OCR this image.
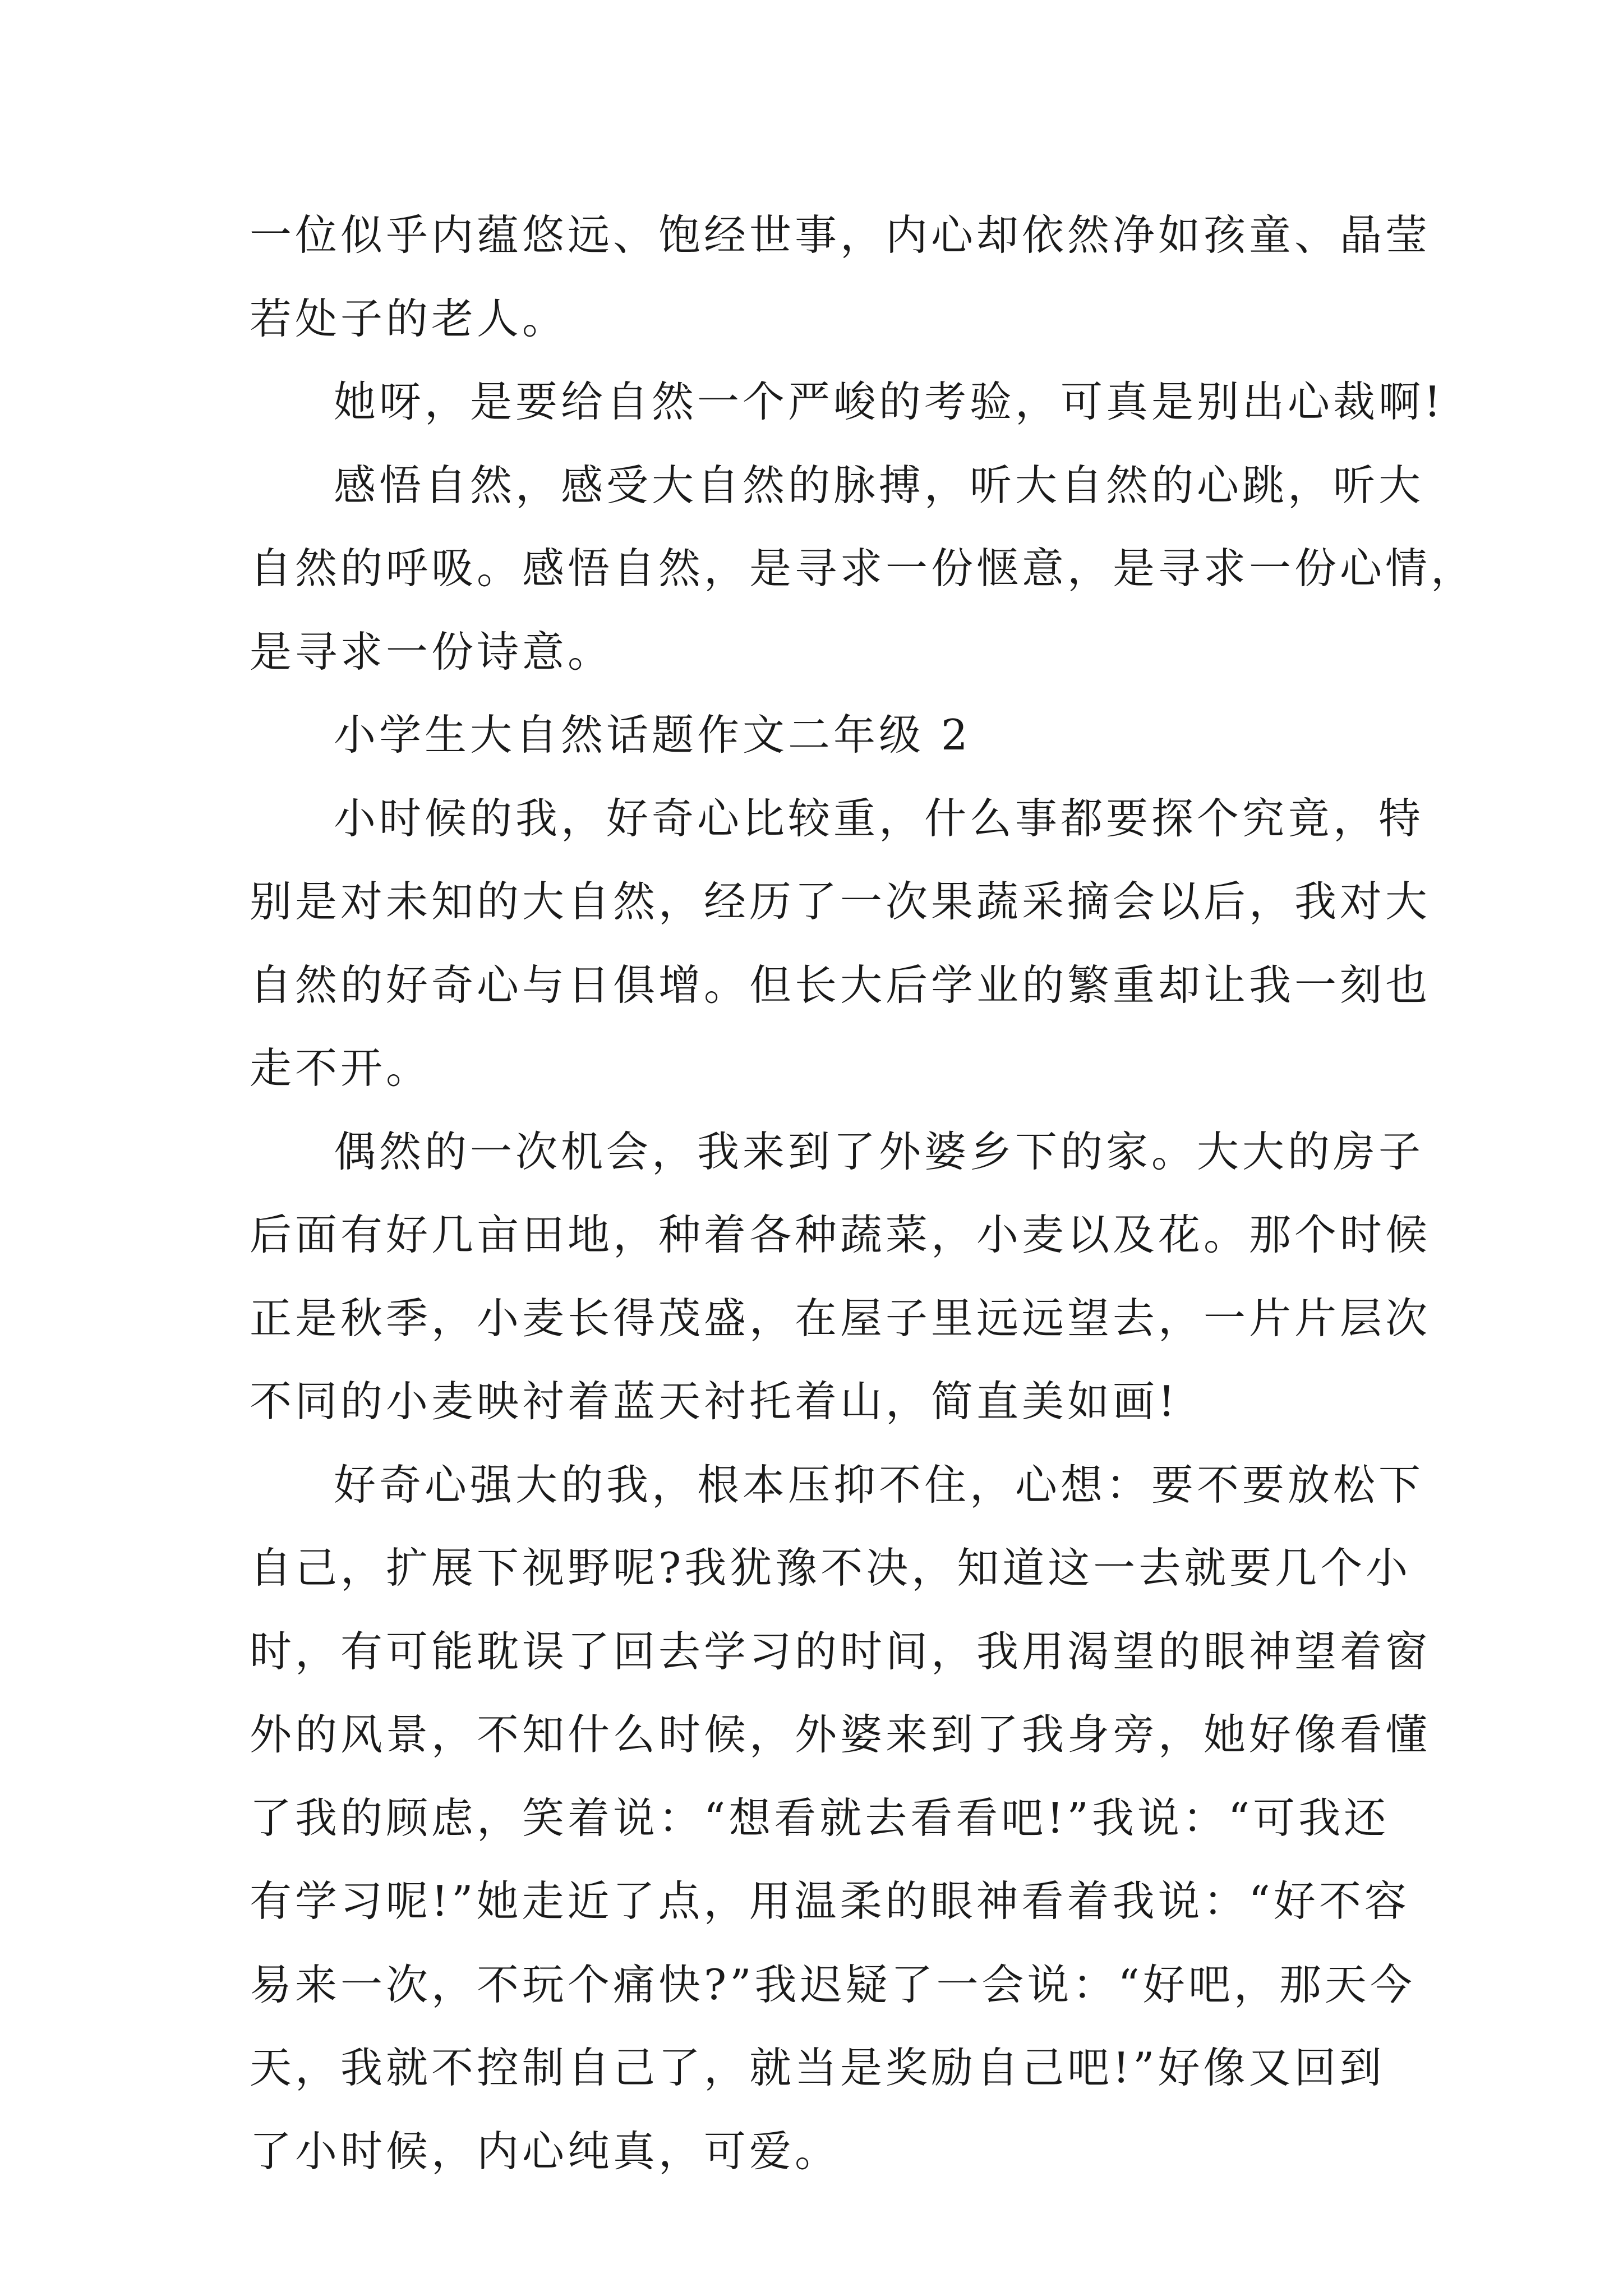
一位似乎内蕴悠远、饱经世事，内心却依然净如孩童、晶莹
若处子的老人。
她呀，是要给自然一个严峻的考验，可真是别出心裁啊!
感悟自然，感受大自然的脉搏，听大自然的心跳，听大
自然的呼吸。感悟自然，是寻求一份惬意，是寻求一份心情，
是寻求一份诗意。
小学生大自然话题作文二年级 2
小时候的我，好奇心比较重，什么事都要探个究竟，特
别是对未知的大自然，经历了一次果蔬采摘会以后，我对大
自然的好奇心与日俱增。但长大后学业的繁重却让我一刻也
走不开。
偶然的一次机会，我来到了外婆乡下的家。大大的房子
后面有好几亩田地，种着各种蔬菜，小麦以及花。那个时候
正是秋季，小麦长得茂盛，在屋子里远远望去，一片片层次
不同的小麦映衬着蓝天衬托着山，简直美如画!
好奇心强大的我，根本压抑不住，心想：要不要放松下
自己，扩展下视野呢?我犹豫不决，知道这一去就要几个小
时，有可能耽误了回去学习的时间，我用渴望的眼神望着窗
外的风景，不知什么时候，外婆来到了我身旁，她好像看懂
了我的顾虑，笑着说：“想看就去看看吧!”我说：“可我还
有学习呢!”她走近了点，用温柔的眼神看着我说：“好不容
易来一次，不玩个痛快?”我迟疑了一会说：“好吧，那天今
天，我就不控制自己了，就当是奖励自己吧!”好像又回到
了小时候，内心纯真，可爱。
